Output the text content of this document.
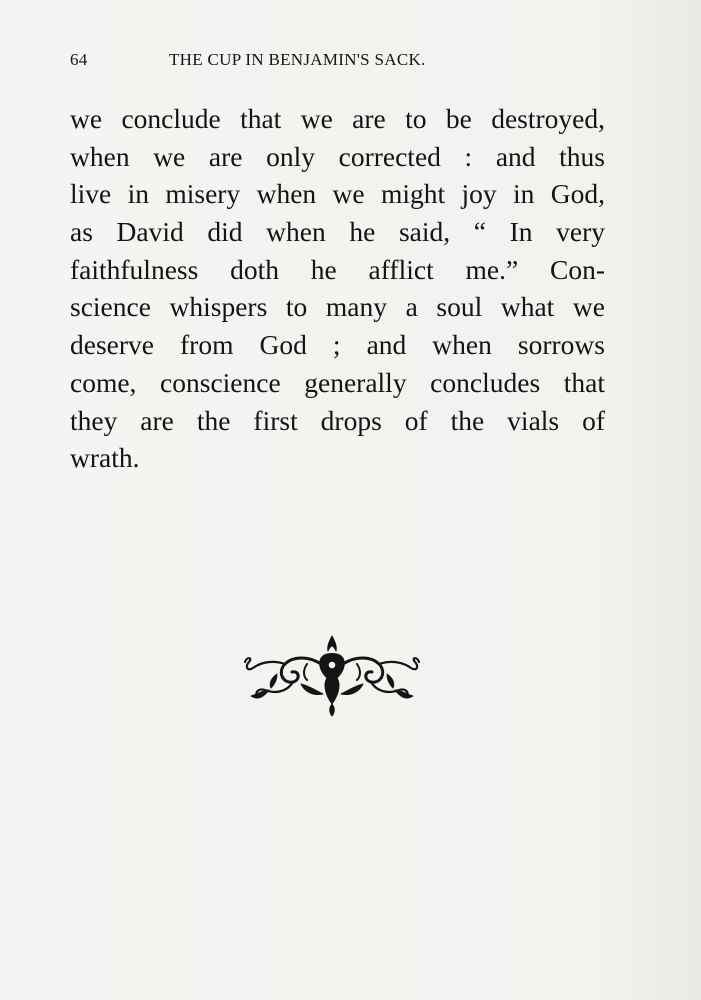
64	THE CUP IN BENJAMIN'S SACK.
we conclude that we are to be destroyed,
when we are only corrected : and thus
live in misery when we might joy in God,
as David did when he said, “ In very
faithfulness doth he afflict me.” Con-
science whispers to many a soul what we
deserve from God ; and when sorrows
come, conscience generally concludes that
they are the first drops of the vials of
wrath.
